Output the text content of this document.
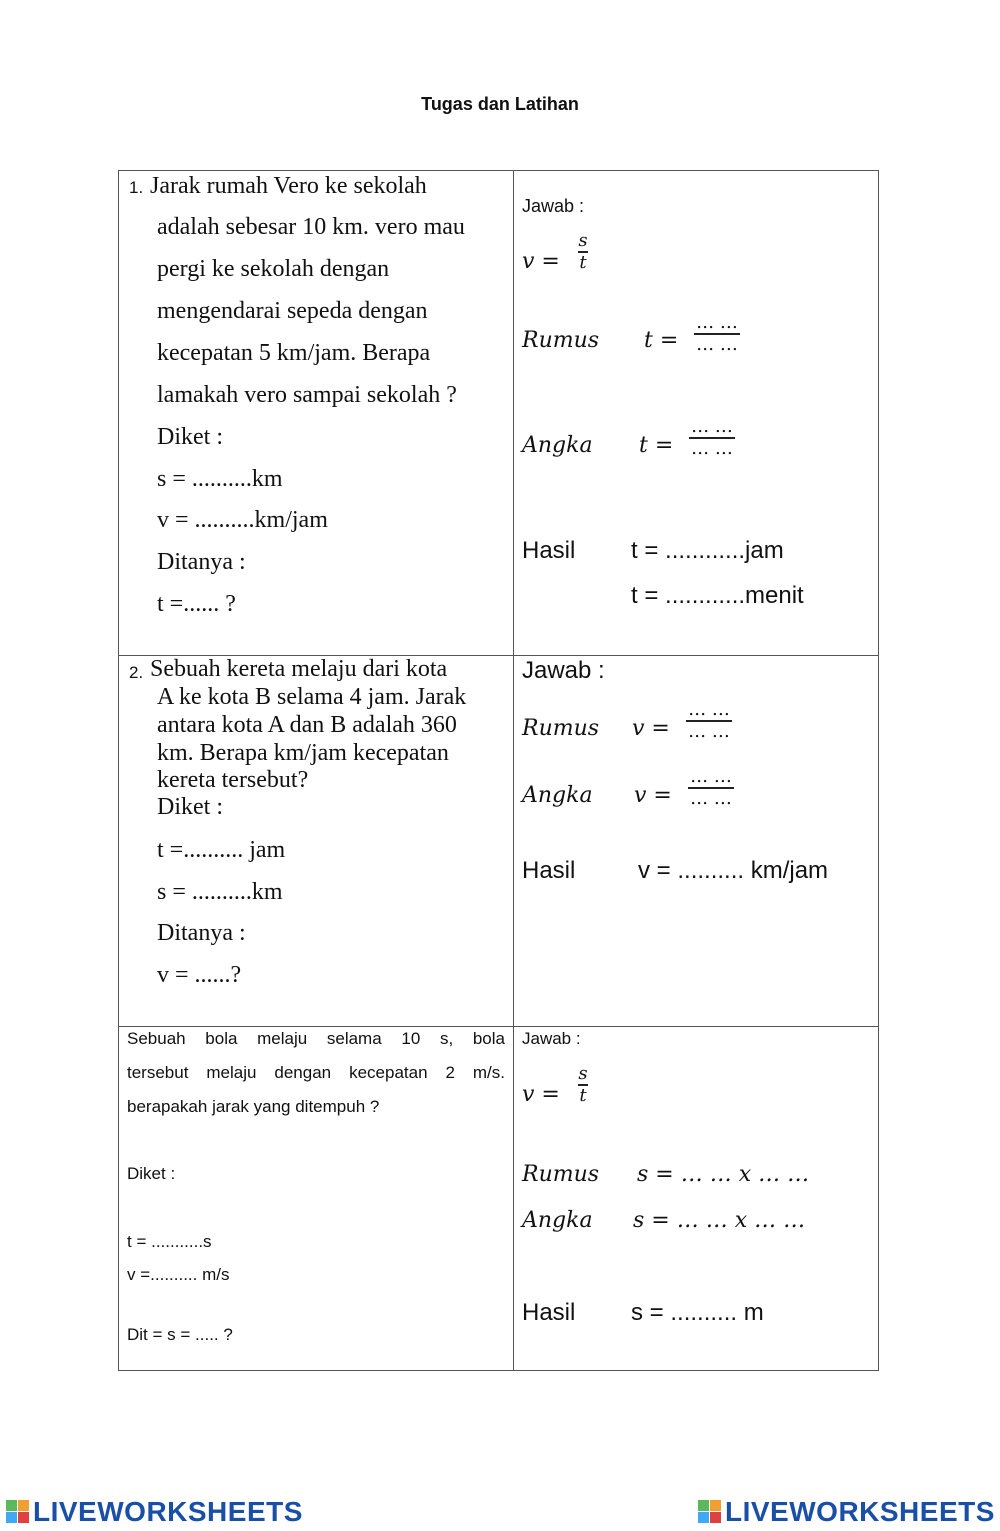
Tugas dan Latihan
1. Jarak rumah Vero ke sekolah
adalah sebesar 10 km. vero mau
pergi ke sekolah dengan
mengendarai sepeda dengan
kecepatan 5 km/jam. Berapa
lamakah vero sampai sekolah ?
Diket :
s = ..........km
v = ..........km/jam
Ditanya :
t =...... ?
Jawab :
v =
s
t
Rumus t =
… …
… …
Angka t =
… …
… …
Hasil t = ............jam
t = ............menit
2. Sebuah kereta melaju dari kota
A ke kota B selama 4 jam. Jarak
antara kota A dan B adalah 360
km. Berapa km/jam kecepatan
kereta tersebut?
Diket :
t =.......... jam
s = ..........km
Ditanya :
v = ......?
Jawab :
Rumus v =
… …
… …
Angka v =
… …
… …
Hasil	v = .......... km/jam
Sebuah bola melaju selama 10 s, bola
tersebut melaju dengan kecepatan 2 m/s.
berapakah jarak yang ditempuh ?
Diket :
t = ...........s
v =.......... m/s
Dit = s = ..... ?
Jawab :
v =
s
t
Rumus s = … … x … …
Angka s = … … x … …
Hasil s = .......... m
LIVEWORKSHEETS	LIVEWORKSHEETS
